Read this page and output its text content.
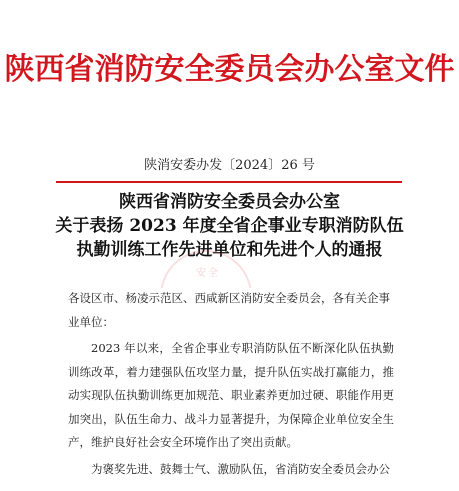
陕西省消防安全委员会办公室文件
陕消安委办发〔2024〕26 号
陕西省消防安全委员会办公室
关于表扬 2023 年度全省企事业专职消防队伍
执勤训练工作先进单位和先进个人的通报
安全

各设区市、杨凌示范区、西咸新区消防安全委员会，各有关企事业单位：

2023 年以来，全省企事业专职消防队伍不断深化队伍执勤训练改革，着力建强队伍攻坚力量，提升队伍实战打赢能力，推动实现队伍执勤训练更加规范、职业素养更加过硬、职能作用更加突出，队伍生命力、战斗力显著提升，为保障企业单位安全生产，维护良好社会安全环境作出了突出贡献。

为褒奖先进、鼓舞士气、激励队伍，省消防安全委员会办公
